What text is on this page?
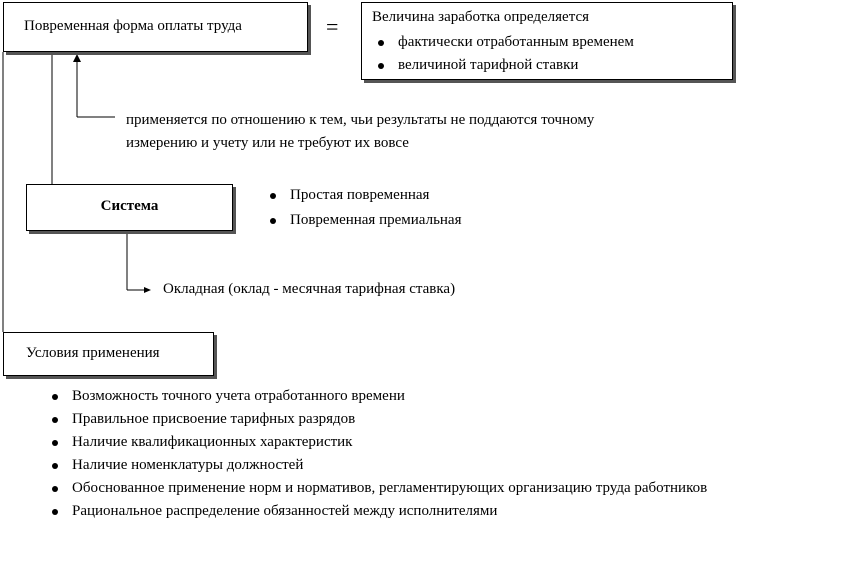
Повременная форма оплаты труда	= Величина заработка определяется
фактически отработанным временем
величиной тарифной ставки
применяется по отношению к тем, чьи результаты не поддаются точному
измерению и учету или не требуют их вовсе
Система
Простая повременная
Повременная премиальная
Окладная (оклад - месячная тарифная ставка)
Условия применения
Возможность точного учета отработанного времени
Правильное присвоение тарифных разрядов
Наличие квалификационных характеристик
Наличие номенклатуры должностей
Обоснованное применение норм и нормативов, регламентирующих организацию труда работников
Рациональное распределение обязанностей между исполнителями
